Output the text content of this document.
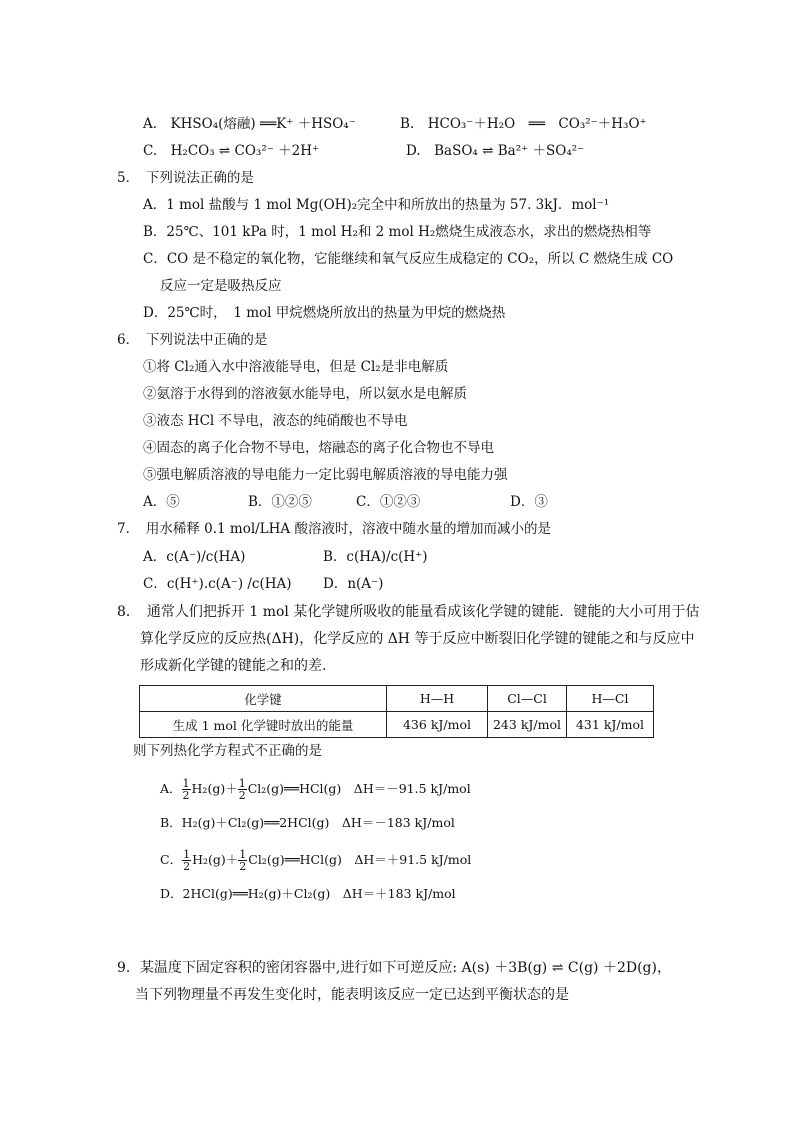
A.　KHSO₄(熔融) ══K⁺ ＋HSO₄⁻	B.　HCO₃⁻＋H₂O　══　CO₃²⁻＋H₃O⁺
C.　H₂CO₃ ⇌ CO₃²⁻ ＋2H⁺	D.　BaSO₄ ⇌ Ba²⁺ ＋SO₄²⁻
5．　下列说法正确的是
A．1 mol 盐酸与 1 mol Mg(OH)₂完全中和所放出的热量为 57. 3kJ．mol⁻¹
B．25℃、101 kPa 时，1 mol H₂和 2 mol H₂燃烧生成液态水，求出的燃烧热相等
C．CO 是不稳定的氧化物，它能继续和氧气反应生成稳定的 CO₂，所以 C 燃烧生成 CO
反应一定是吸热反应
D．25℃时，　1 mol 甲烷燃烧所放出的热量为甲烷的燃烧热
6．　下列说法中正确的是
①将 Cl₂通入水中溶液能导电，但是 Cl₂是非电解质
②氨溶于水得到的溶液氨水能导电，所以氨水是电解质
③液态 HCl 不导电，液态的纯硝酸也不导电
④固态的离子化合物不导电，熔融态的离子化合物也不导电
⑤强电解质溶液的导电能力一定比弱电解质溶液的导电能力强
A．⑤	B．①②⑤	C．①②③	D．③
7．　用水稀释 0.1 mol/LHA 酸溶液时，溶液中随水量的增加而减小的是
A．c(A⁻)/c(HA)	B．c(HA)/c(H⁺)
C．c(H⁺).c(A⁻) /c(HA) D．n(A⁻)
8．　通常人们把拆开 1 mol 某化学键所吸收的能量看成该化学键的键能．键能的大小可用于估
算化学反应的反应热(ΔH)，化学反应的 ΔH 等于反应中断裂旧化学键的键能之和与反应中
形成新化学键的键能之和的差.
化学键	H—H	Cl—Cl	H—Cl
生成 1 mol 化学键时放出的能量	436 kJ/mol	243 kJ/mol	431 kJ/mol
则下列热化学方程式不正确的是
A． $\frac{1}{2} H_2(g)+ \frac{1}{2}$ Cl₂(g)══HCl(g)　ΔH＝－91.5 kJ/mol
B．H₂(g)＋Cl₂(g)══2HCl(g)　ΔH＝－183 kJ/mol
C． $\frac{1}{2} H_2(g)+ \frac{1}{2}$ Cl₂(g)══HCl(g)　ΔH＝＋91.5 kJ/mol
D．2HCl(g)══H₂(g)＋Cl₂(g)　ΔH＝＋183 kJ/mol
9．某温度下固定容积的密闭容器中,进行如下可逆反应: A(s) ＋3B(g) ⇌ C(g) ＋2D(g)，
当下列物理量不再发生变化时，能表明该反应一定已达到平衡状态的是
